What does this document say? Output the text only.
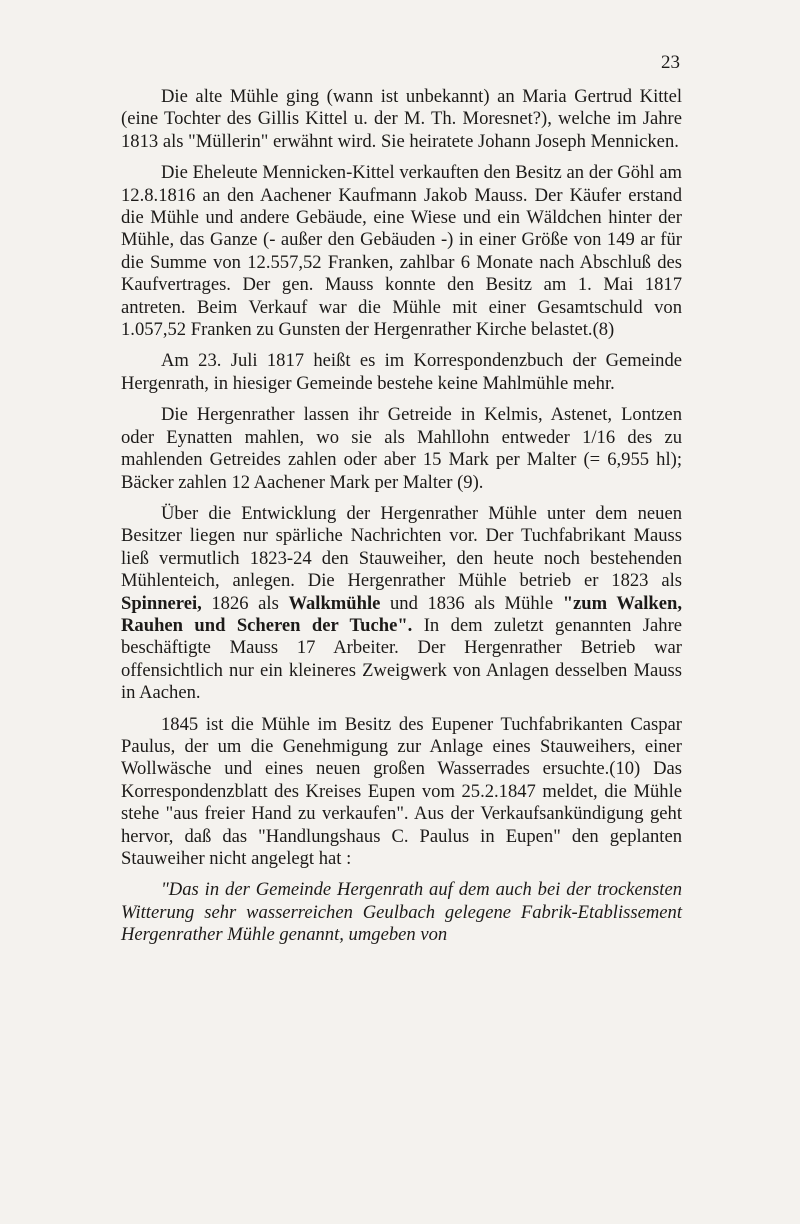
23

Die alte Mühle ging (wann ist unbekannt) an Maria Gertrud Kittel (eine Tochter des Gillis Kittel u. der M. Th. Moresnet?), welche im Jahre 1813 als "Müllerin" erwähnt wird. Sie heiratete Johann Joseph Mennicken.

Die Eheleute Mennicken-Kittel verkauften den Besitz an der Göhl am 12.8.1816 an den Aachener Kaufmann Jakob Mauss. Der Käufer erstand die Mühle und andere Gebäude, eine Wiese und ein Wäldchen hinter der Mühle, das Ganze (- außer den Gebäuden -) in einer Größe von 149 ar für die Summe von 12.557,52 Franken, zahlbar 6 Monate nach Abschluß des Kaufvertrages. Der gen. Mauss konnte den Besitz am 1. Mai 1817 antreten. Beim Verkauf war die Mühle mit einer Gesamtschuld von 1.057,52 Franken zu Gunsten der Hergenrather Kirche belastet.(8)

Am 23. Juli 1817 heißt es im Korrespondenzbuch der Gemeinde Hergenrath, in hiesiger Gemeinde bestehe keine Mahlmühle mehr.

Die Hergenrather lassen ihr Getreide in Kelmis, Astenet, Lontzen oder Eynatten mahlen, wo sie als Mahllohn entweder 1/16 des zu mahlenden Getreides zahlen oder aber 15 Mark per Malter (= 6,955 hl); Bäcker zahlen 12 Aachener Mark per Malter (9).

Über die Entwicklung der Hergenrather Mühle unter dem neuen Besitzer liegen nur spärliche Nachrichten vor. Der Tuchfabrikant Mauss ließ vermutlich 1823-24 den Stauweiher, den heute noch bestehenden Mühlenteich, anlegen. Die Hergenrather Mühle betrieb er 1823 als Spinnerei, 1826 als Walkmühle und 1836 als Mühle "zum Walken, Rauhen und Scheren der Tuche". In dem zuletzt genannten Jahre beschäftigte Mauss 17 Arbeiter. Der Hergenrather Betrieb war offensichtlich nur ein kleineres Zweigwerk von Anlagen desselben Mauss in Aachen.

1845 ist die Mühle im Besitz des Eupener Tuchfabrikanten Caspar Paulus, der um die Genehmigung zur Anlage eines Stauweihers, einer Wollwäsche und eines neuen großen Wasserrades ersuchte.(10) Das Korrespondenzblatt des Kreises Eupen vom 25.2.1847 meldet, die Mühle stehe "aus freier Hand zu verkaufen". Aus der Verkaufsankündigung geht hervor, daß das "Handlungshaus C. Paulus in Eupen" den geplanten Stauweiher nicht angelegt hat :

"Das in der Gemeinde Hergenrath auf dem auch bei der trockensten Witterung sehr wasserreichen Geulbach gelegene Fabrik-Etablissement Hergenrather Mühle genannt, umgeben von
